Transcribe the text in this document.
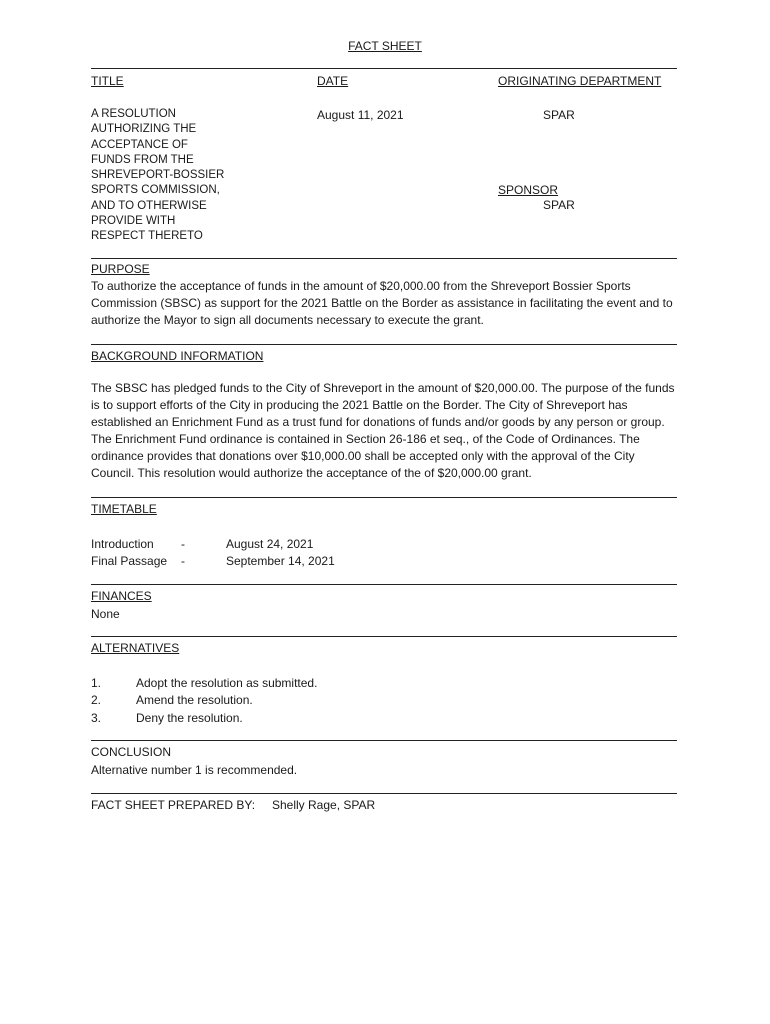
FACT SHEET
TITLE	DATE	ORIGINATING DEPARTMENT
A RESOLUTION
AUTHORIZING THE
ACCEPTANCE OF
FUNDS FROM THE
SHREVEPORT-BOSSIER
SPORTS COMMISSION,
AND TO OTHERWISE
PROVIDE WITH
RESPECT THERETO
August 11, 2021	SPAR
SPONSOR
SPAR
PURPOSE

To authorize the acceptance of funds in the amount of $20,000.00 from the Shreveport Bossier Sports Commission (SBSC) as support for the 2021 Battle on the Border as assistance in facilitating the event and to authorize the Mayor to sign all documents necessary to execute the grant.

BACKGROUND INFORMATION

The SBSC has pledged funds to the City of Shreveport in the amount of $20,000.00. The purpose of the funds is to support efforts of the City in producing the 2021 Battle on the Border. The City of Shreveport has established an Enrichment Fund as a trust fund for donations of funds and/or goods by any person or group. The Enrichment Fund ordinance is contained in Section 26-186 et seq., of the Code of Ordinances. The ordinance provides that donations over $10,000.00 shall be accepted only with the approval of the City Council. This resolution would authorize the acceptance of the of $20,000.00 grant.

TIMETABLE
Introduction -	August 24, 2021
Final Passage -	September 14, 2021
FINANCES
None
ALTERNATIVES
1.	Adopt the resolution as submitted.
2.	Amend the resolution.
3.	Deny the resolution.
CONCLUSION
Alternative number 1 is recommended.
FACT SHEET PREPARED BY: Shelly Rage, SPAR
